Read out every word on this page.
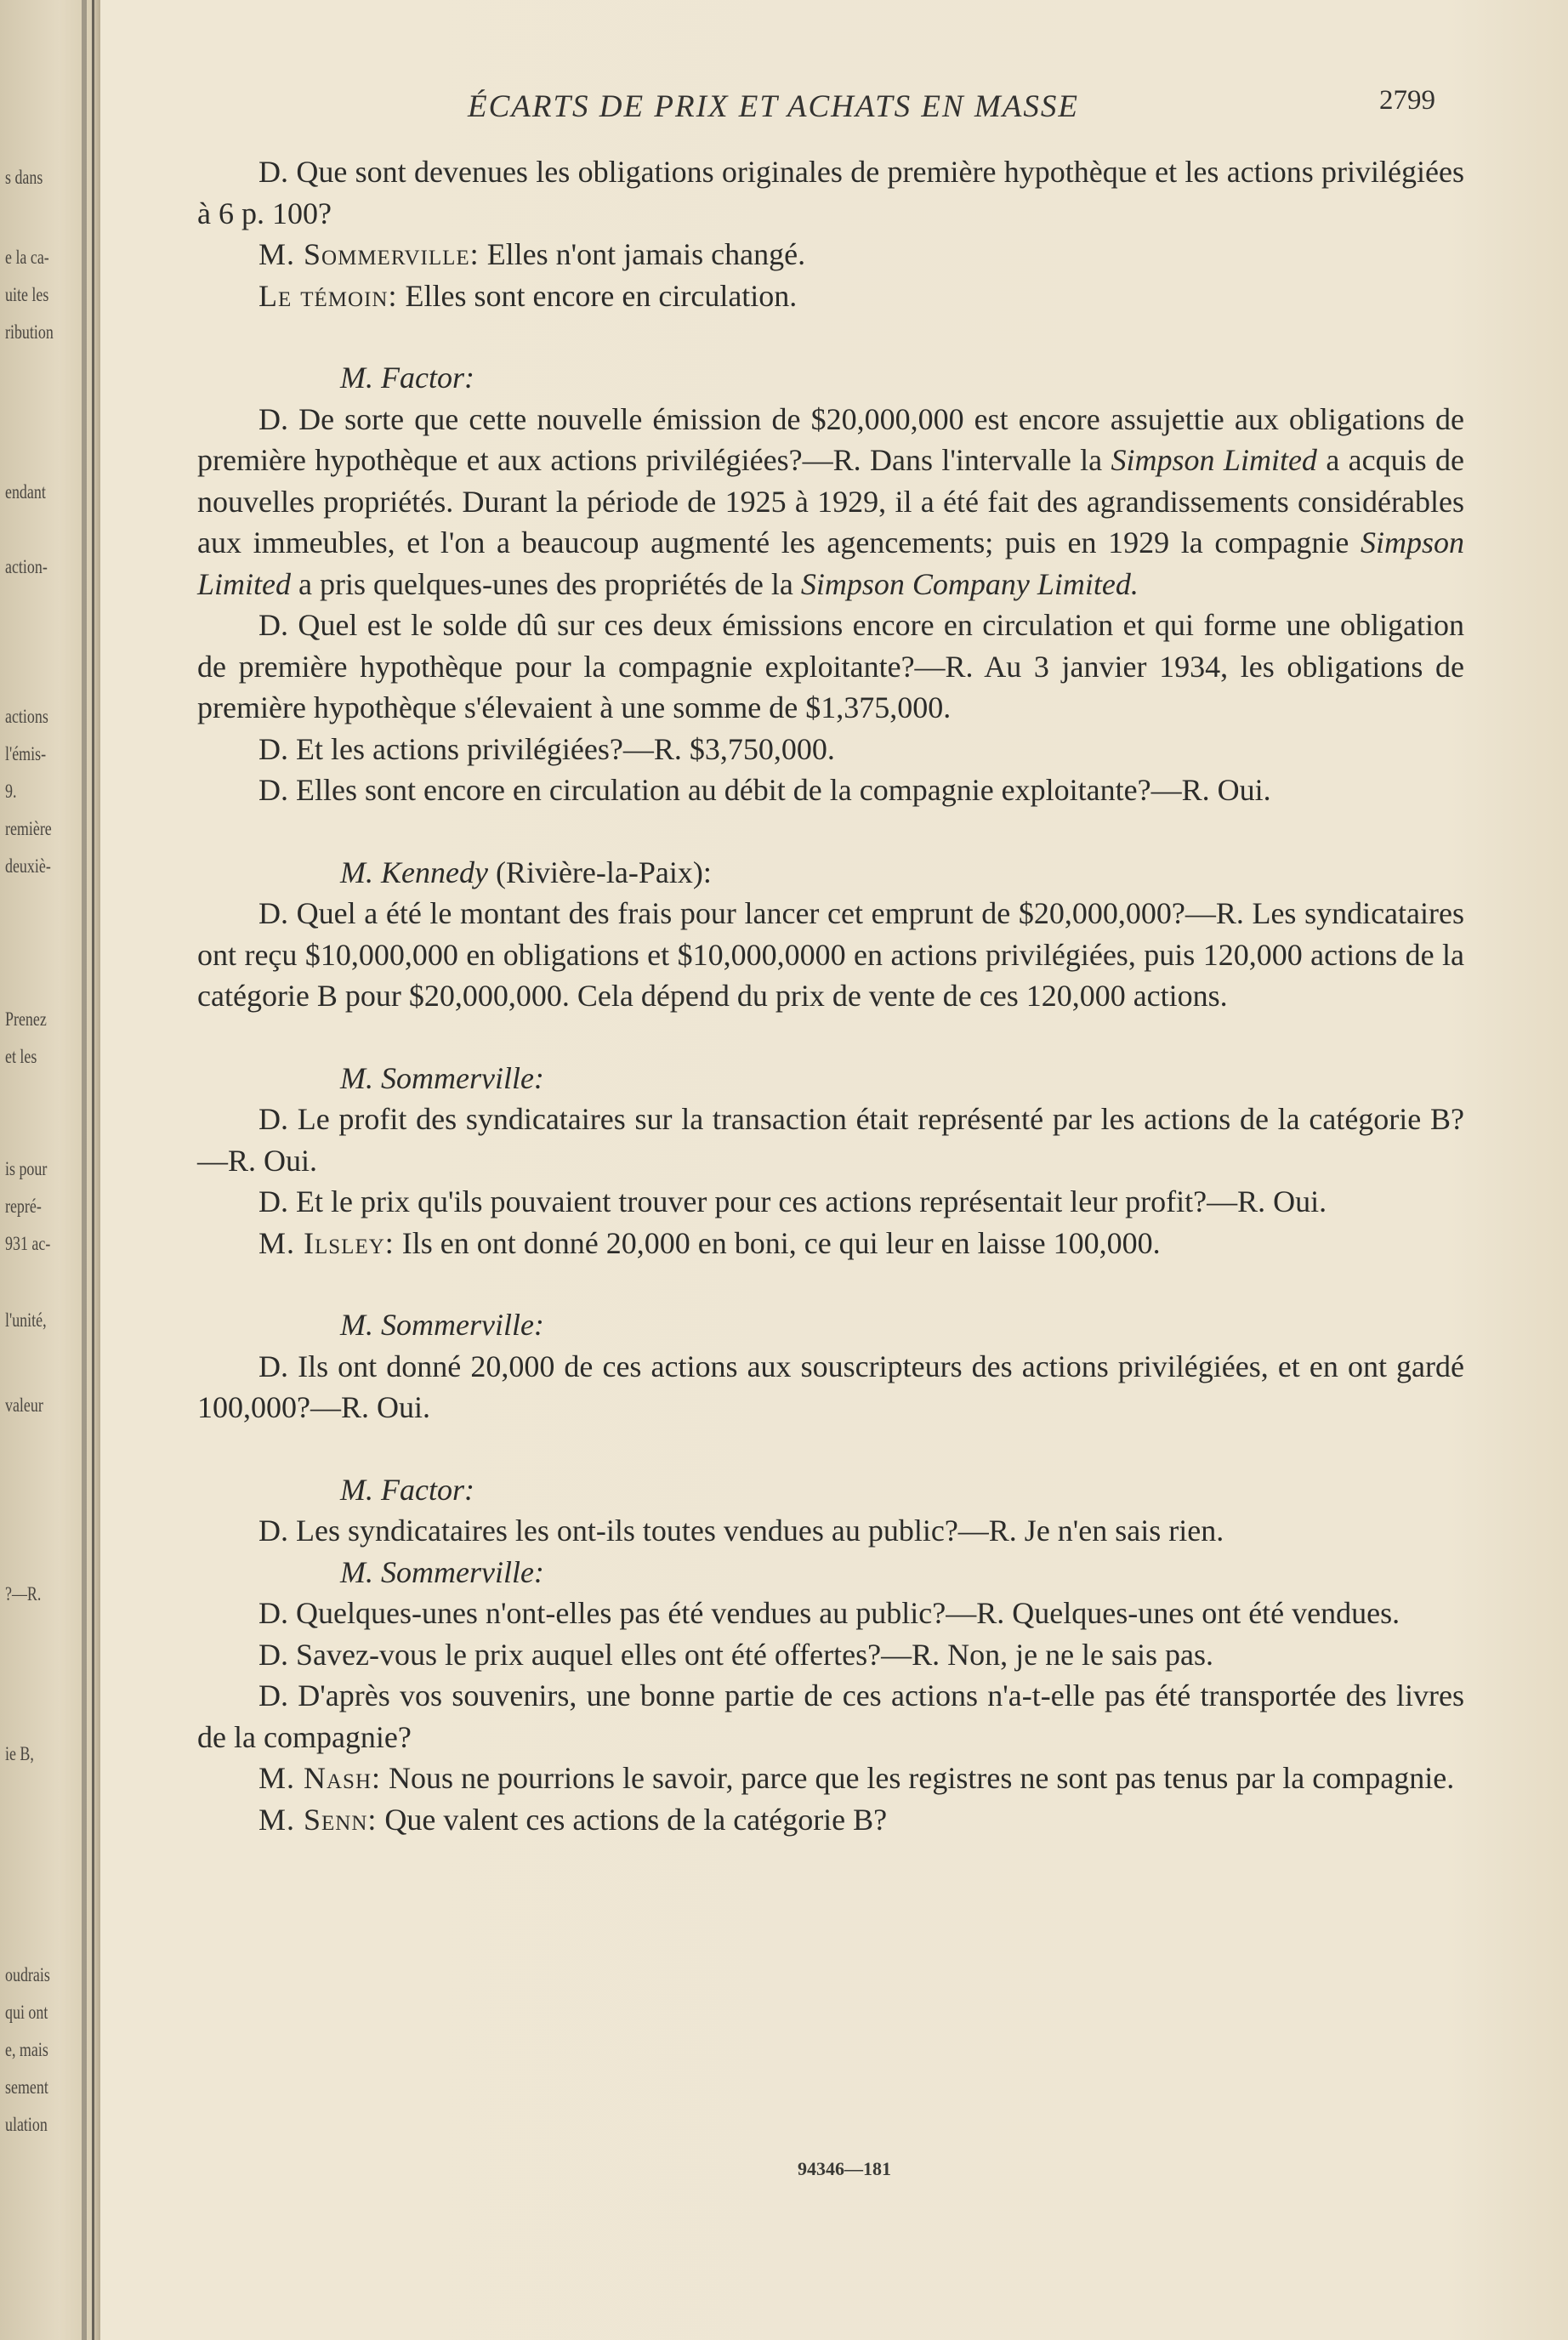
s dans
e la ca-
uite les
ribution
endant
action-
actions
l'émis-
9.
remière
deuxiè-
Prenez
et les
is pour
repré-
931 ac-
l'unité,
valeur
?—R.
ie B,
oudrais
qui ont
e, mais
sement
ulation
ÉCARTS DE PRIX ET ACHATS EN MASSE	2799

D. Que sont devenues les obligations originales de première hypothèque et les actions privilégiées à 6 p. 100?

M. Sommerville: Elles n'ont jamais changé.

Le témoin: Elles sont encore en circulation.

M. Factor:

D. De sorte que cette nouvelle émission de $20,000,000 est encore assujettie aux obligations de première hypothèque et aux actions privilégiées?—R. Dans l'intervalle la Simpson Limited a acquis de nouvelles propriétés. Durant la période de 1925 à 1929, il a été fait des agrandissements considérables aux immeubles, et l'on a beaucoup augmenté les agencements; puis en 1929 la compagnie Simpson Limited a pris quelques-unes des propriétés de la Simpson Company Limited.

D. Quel est le solde dû sur ces deux émissions encore en circulation et qui forme une obligation de première hypothèque pour la compagnie exploitante?—R. Au 3 janvier 1934, les obligations de première hypothèque s'élevaient à une somme de $1,375,000.

D. Et les actions privilégiées?—R. $3,750,000.

D. Elles sont encore en circulation au débit de la compagnie exploitante?—R. Oui.

M. Kennedy (Rivière-la-Paix):

D. Quel a été le montant des frais pour lancer cet emprunt de $20,000,000?—R. Les syndicataires ont reçu $10,000,000 en obligations et $10,000,0000 en actions privilégiées, puis 120,000 actions de la catégorie B pour $20,000,000. Cela dépend du prix de vente de ces 120,000 actions.

M. Sommerville:

D. Le profit des syndicataires sur la transaction était représenté par les actions de la catégorie B?—R. Oui.

D. Et le prix qu'ils pouvaient trouver pour ces actions représentait leur profit?—R. Oui.

M. Ilsley: Ils en ont donné 20,000 en boni, ce qui leur en laisse 100,000.

M. Sommerville:

D. Ils ont donné 20,000 de ces actions aux souscripteurs des actions privilégiées, et en ont gardé 100,000?—R. Oui.

M. Factor:

D. Les syndicataires les ont-ils toutes vendues au public?—R. Je n'en sais rien.

M. Sommerville:

D. Quelques-unes n'ont-elles pas été vendues au public?—R. Quelques-unes ont été vendues.

D. Savez-vous le prix auquel elles ont été offertes?—R. Non, je ne le sais pas.

D. D'après vos souvenirs, une bonne partie de ces actions n'a-t-elle pas été transportée des livres de la compagnie?

M. Nash: Nous ne pourrions le savoir, parce que les registres ne sont pas tenus par la compagnie.

M. Senn: Que valent ces actions de la catégorie B?

94346—181
